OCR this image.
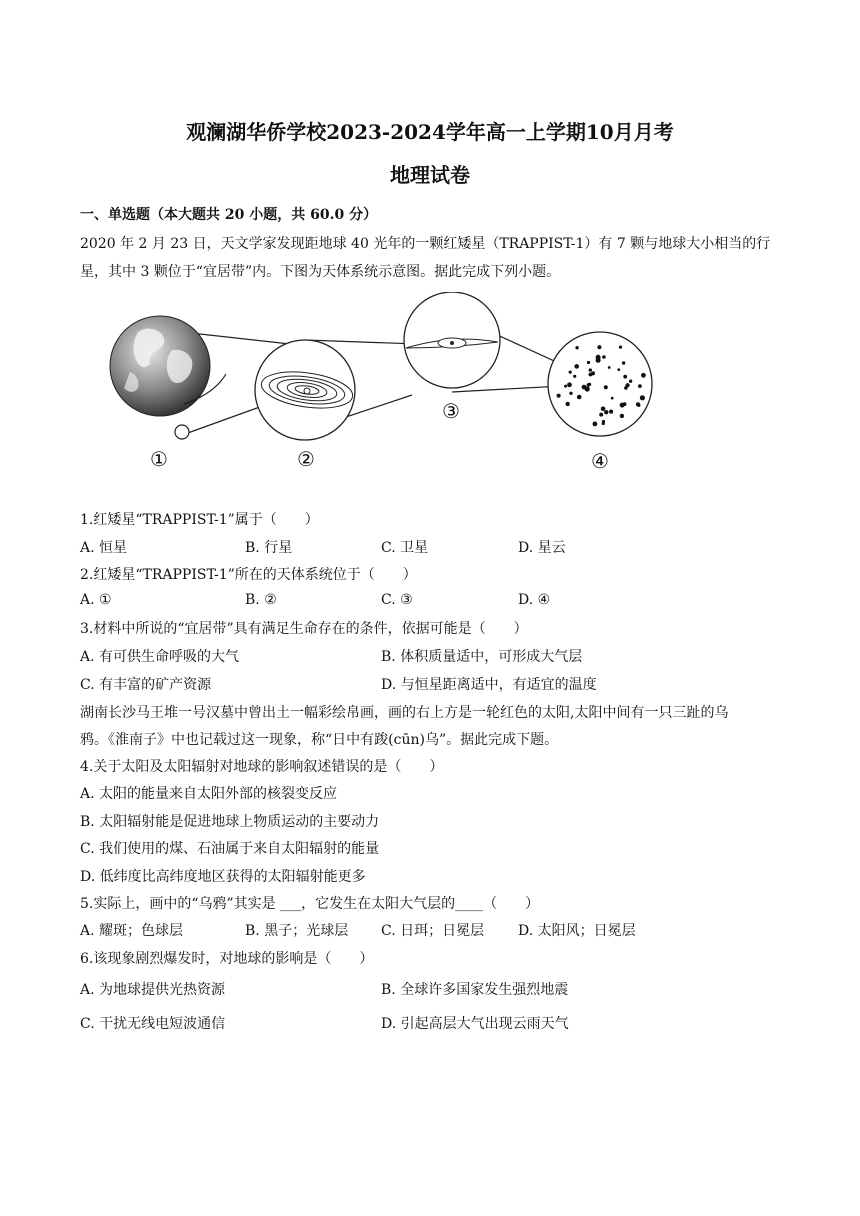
观澜湖华侨学校2023-2024学年高一上学期10月月考
地理试卷
一、单选题（本大题共 20 小题，共 60.0 分）
2020 年 2 月 23 日，天文学家发现距地球 40 光年的一颗红矮星（TRAPPIST-1）有 7 颗与地球大小相当的行
星，其中 3 颗位于“宜居带”内。下图为天体系统示意图。据此完成下列小题。
①	②
③
④
1.红矮星“TRAPPIST-1”属于（　　）
A. 恒星	B. 行星	C. 卫星	D. 星云
2.红矮星“TRAPPIST-1”所在的天体系统位于（　　）
A. ①	B. ②	C. ③	D. ④
3.材料中所说的“宜居带”具有满足生命存在的条件，依据可能是（　　）
A. 有可供生命呼吸的大气	B. 体积质量适中，可形成大气层
C. 有丰富的矿产资源	D. 与恒星距离适中，有适宜的温度
湖南长沙马王堆一号汉墓中曾出土一幅彩绘帛画，画的右上方是一轮红色的太阳,太阳中间有一只三趾的乌
鸦。《淮南子》中也记载过这一现象，称“日中有踆(cūn)乌”。据此完成下题。
4.关于太阳及太阳辐射对地球的影响叙述错误的是（　　）
A. 太阳的能量来自太阳外部的核裂变反应
B. 太阳辐射能是促进地球上物质运动的主要动力
C. 我们使用的煤、石油属于来自太阳辐射的能量
D. 低纬度比高纬度地区获得的太阳辐射能更多
5.实际上，画中的“乌鸦”其实是 ___，它发生在太阳大气层的____（　　）
A. 耀斑；色球层	B. 黑子；光球层 C. 日珥；日冕层 D. 太阳风；日冕层
6.该现象剧烈爆发时，对地球的影响是（　　）
A. 为地球提供光热资源	B. 全球许多国家发生强烈地震
C. 干扰无线电短波通信	D. 引起高层大气出现云雨天气
